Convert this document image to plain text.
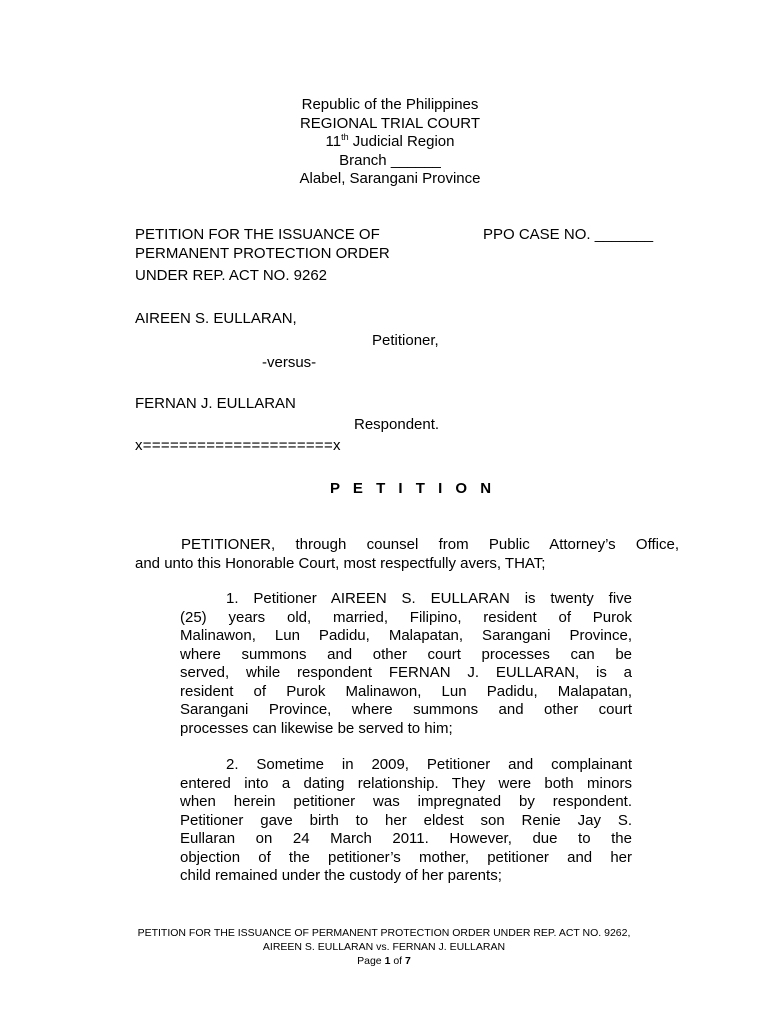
Republic of the Philippines
REGIONAL TRIAL COURT
11th Judicial Region
Branch ______
Alabel, Sarangani Province
PETITION FOR THE ISSUANCE OF
PERMANENT PROTECTION ORDER
UNDER REP. ACT NO. 9262
PPO CASE NO. _______
AIREEN S. EULLARAN,
Petitioner,
-versus-
FERNAN J. EULLARAN
Respondent.
x=====================x
P E T I T I O N
PETITIONER, through counsel from Public Attorney’s Office,
and unto this Honorable Court, most respectfully avers, THAT;
1. Petitioner AIREEN S. EULLARAN is twenty five
(25) years old, married, Filipino, resident of Purok
Malinawon, Lun Padidu, Malapatan, Sarangani Province,
where summons and other court processes can be
served, while respondent FERNAN J. EULLARAN, is a
resident of Purok Malinawon, Lun Padidu, Malapatan,
Sarangani Province, where summons and other court
processes can likewise be served to him;
2. Sometime in 2009, Petitioner and complainant
entered into a dating relationship. They were both minors
when herein petitioner was impregnated by respondent.
Petitioner gave birth to her eldest son Renie Jay S.
Eullaran on 24 March 2011. However, due to the
objection of the petitioner’s mother, petitioner and her
child remained under the custody of her parents;
PETITION FOR THE ISSUANCE OF PERMANENT PROTECTION ORDER UNDER REP. ACT NO. 9262,
AIREEN S. EULLARAN vs. FERNAN J. EULLARAN
Page 1 of 7
